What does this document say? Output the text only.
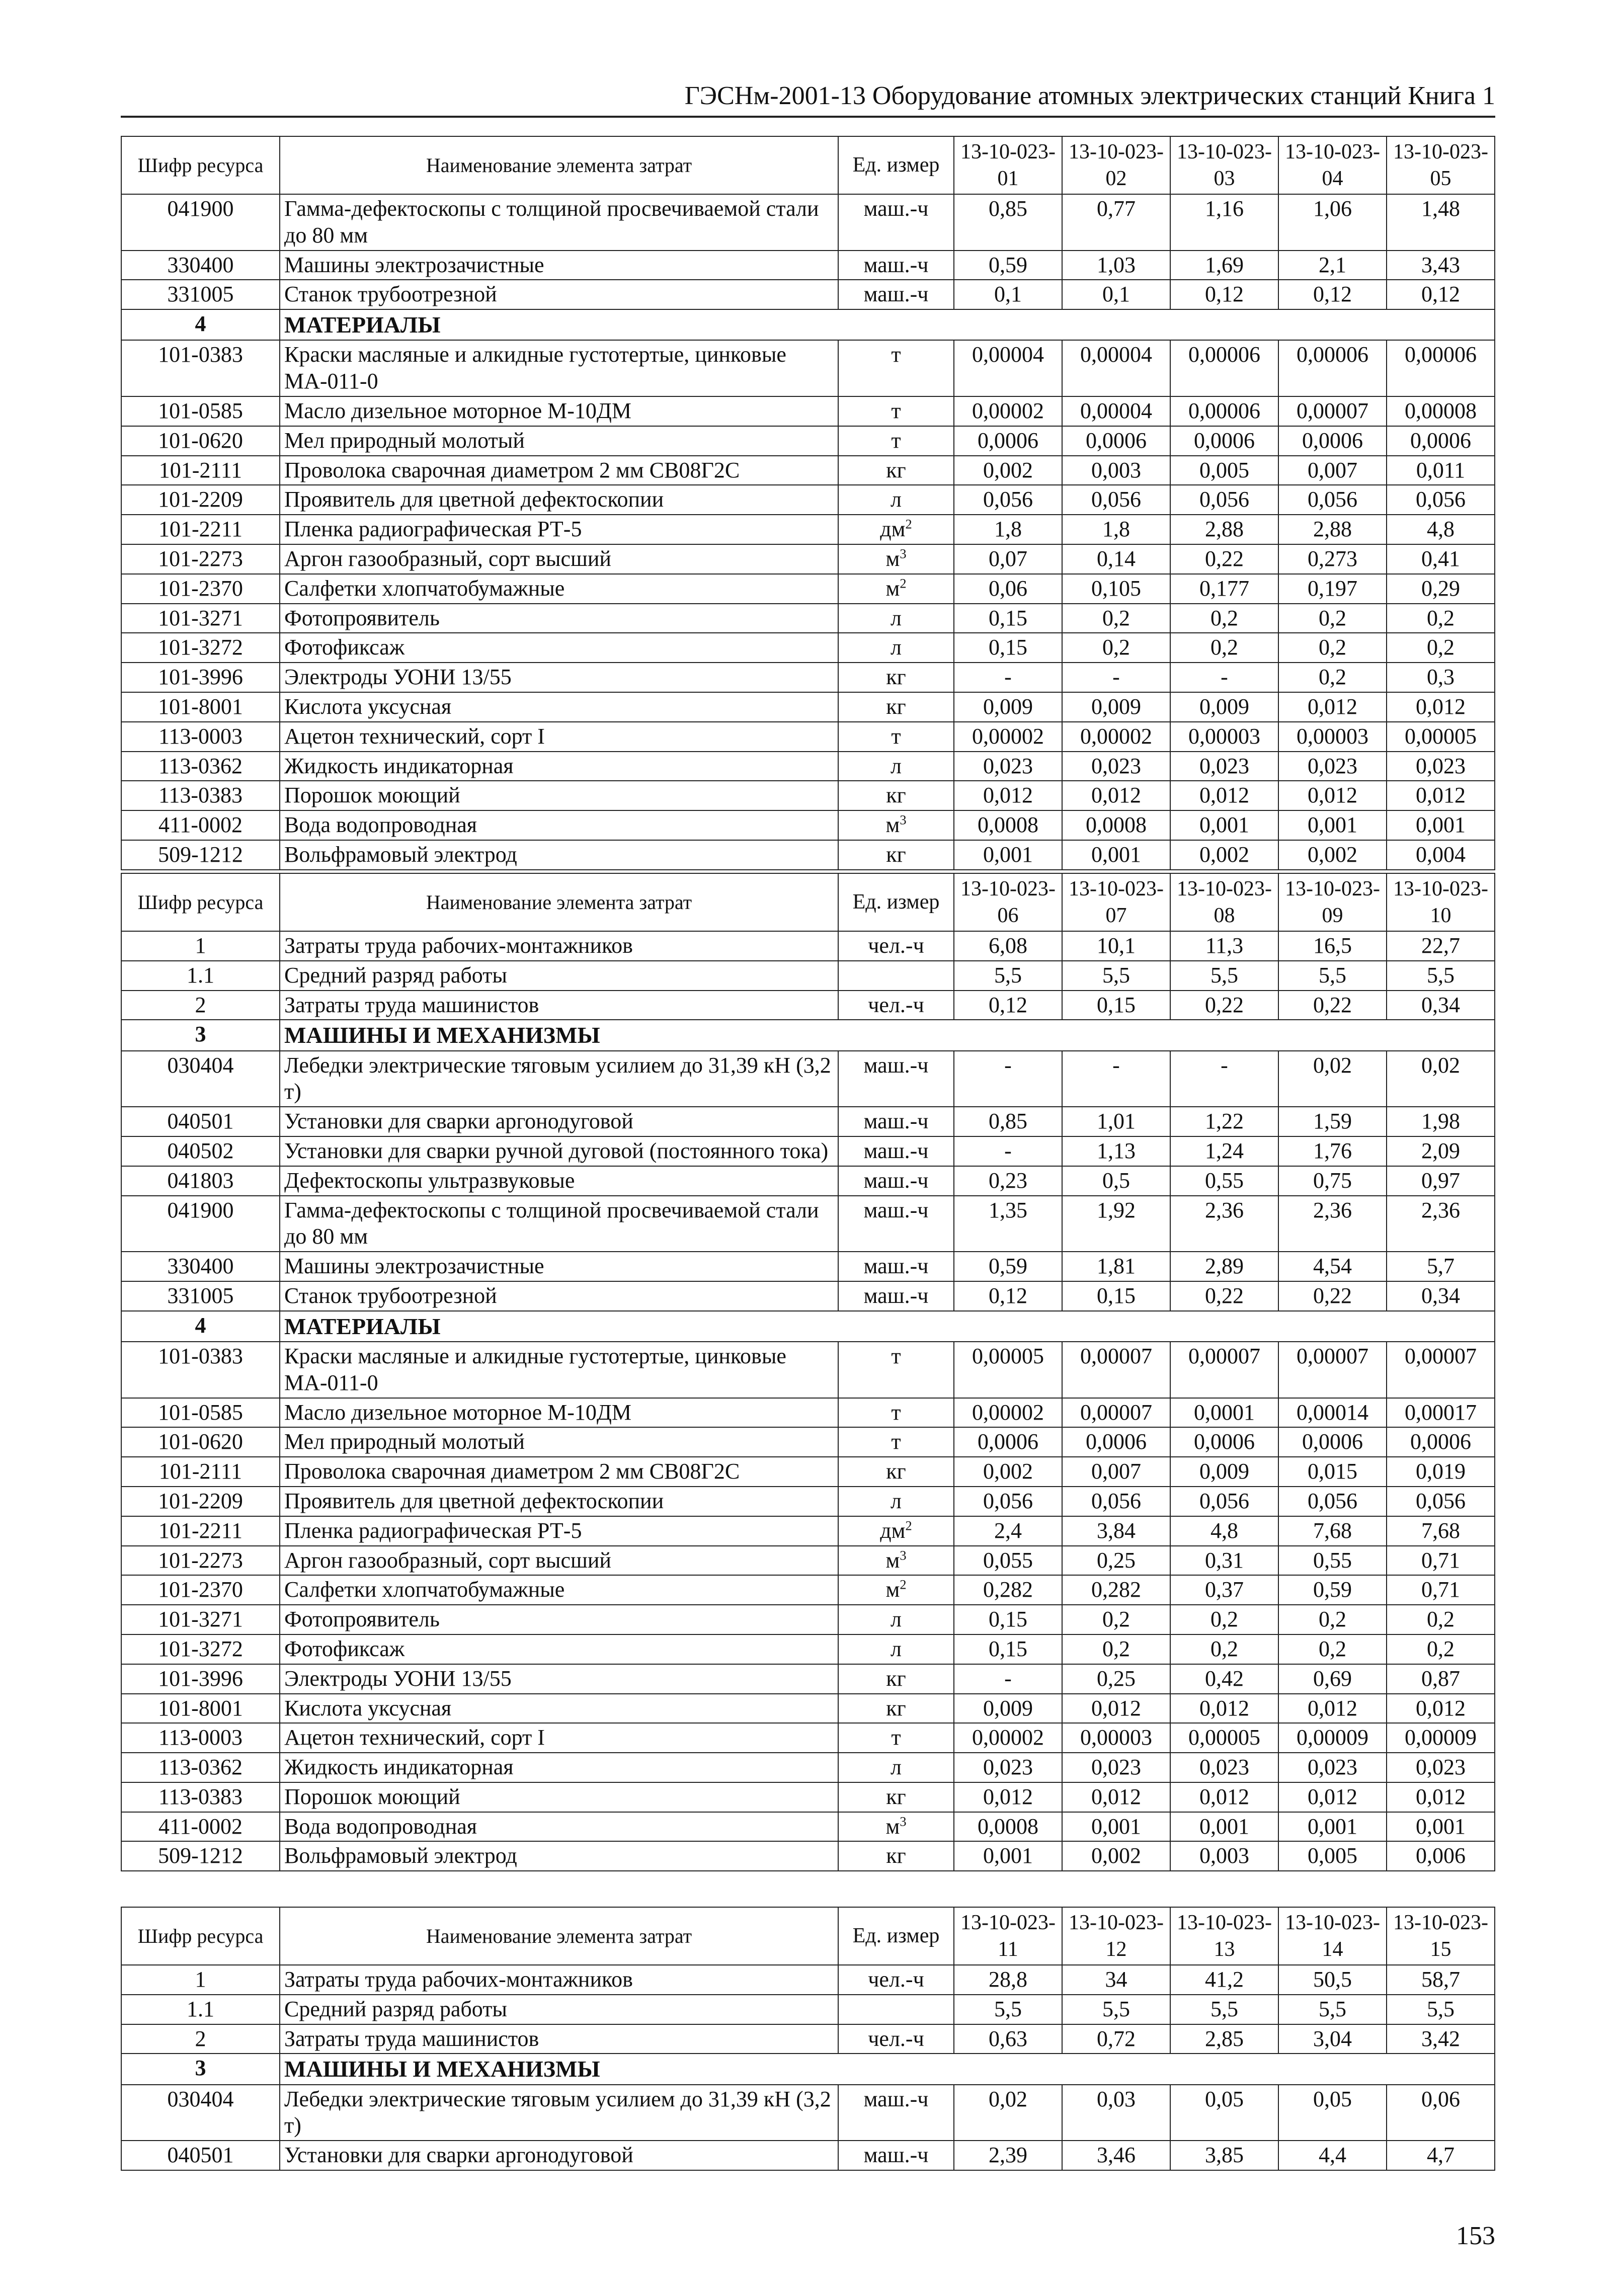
ГЭСНм-2001-13 Оборудование атомных электрических станций Книга 1
Шифр ресурса	Наименование элемента затрат	Ед. измер	13-10-023-01	13-10-023-02	13-10-023-03	13-10-023-04	13-10-023-05
041900	Гамма-дефектоскопы с толщиной просвечиваемой стали до 80 мм	маш.-ч	0,85	0,77	1,16	1,06	1,48
330400	Машины электрозачистные	маш.-ч	0,59	1,03	1,69	2,1	3,43
331005	Станок трубоотрезной	маш.-ч	0,1	0,1	0,12	0,12	0,12
4	МАТЕРИАЛЫ						
101-0383	Краски масляные и алкидные густотертые, цинковые МА-011-0	т	0,00004	0,00004	0,00006	0,00006	0,00006
101-0585	Масло дизельное моторное М-10ДМ	т	0,00002	0,00004	0,00006	0,00007	0,00008
101-0620	Мел природный молотый	т	0,0006	0,0006	0,0006	0,0006	0,0006
101-2111	Проволока сварочная диаметром 2 мм СВ08Г2С	кг	0,002	0,003	0,005	0,007	0,011
101-2209	Проявитель для цветной дефектоскопии	л	0,056	0,056	0,056	0,056	0,056
101-2211	Пленка радиографическая РТ-5	$дм^2$	1,8	1,8	2,88	2,88	4,8
101-2273	Аргон газообразный, сорт высший	$м^3$	0,07	0,14	0,22	0,273	0,41
101-2370	Салфетки хлопчатобумажные	$м^2$	0,06	0,105	0,177	0,197	0,29
101-3271	Фотопроявитель	л	0,15	0,2	0,2	0,2	0,2
101-3272	Фотофиксаж	л	0,15	0,2	0,2	0,2	0,2
101-3996	Электроды УОНИ 13/55	кг	-	-	-	0,2	0,3
101-8001	Кислота уксусная	кг	0,009	0,009	0,009	0,012	0,012
113-0003	Ацетон технический, сорт I	т	0,00002	0,00002	0,00003	0,00003	0,00005
113-0362	Жидкость индикаторная	л	0,023	0,023	0,023	0,023	0,023
113-0383	Порошок моющий	кг	0,012	0,012	0,012	0,012	0,012
411-0002	Вода водопроводная	$м^3$	0,0008	0,0008	0,001	0,001	0,001
509-1212	Вольфрамовый электрод	кг	0,001	0,001	0,002	0,002	0,004
Шифр ресурса	Наименование элемента затрат	Ед. измер	13-10-023-06	13-10-023-07	13-10-023-08	13-10-023-09	13-10-023-10
1	Затраты труда рабочих-монтажников	чел.-ч	6,08	10,1	11,3	16,5	22,7
1.1	Средний разряд работы		5,5	5,5	5,5	5,5	5,5
2	Затраты труда машинистов	чел.-ч	0,12	0,15	0,22	0,22	0,34
3	МАШИНЫ И МЕХАНИЗМЫ						
030404	Лебедки электрические тяговым усилием до 31,39 кН (3,2 т)	маш.-ч	-	-	-	0,02	0,02
040501	Установки для сварки аргонодуговой	маш.-ч	0,85	1,01	1,22	1,59	1,98
040502	Установки для сварки ручной дуговой (постоянного тока)	маш.-ч	-	1,13	1,24	1,76	2,09
041803	Дефектоскопы ультразвуковые	маш.-ч	0,23	0,5	0,55	0,75	0,97
041900	Гамма-дефектоскопы с толщиной просвечиваемой стали до 80 мм	маш.-ч	1,35	1,92	2,36	2,36	2,36
330400	Машины электрозачистные	маш.-ч	0,59	1,81	2,89	4,54	5,7
331005	Станок трубоотрезной	маш.-ч	0,12	0,15	0,22	0,22	0,34
4	МАТЕРИАЛЫ						
101-0383	Краски масляные и алкидные густотертые, цинковые МА-011-0	т	0,00005	0,00007	0,00007	0,00007	0,00007
101-0585	Масло дизельное моторное М-10ДМ	т	0,00002	0,00007	0,0001	0,00014	0,00017
101-0620	Мел природный молотый	т	0,0006	0,0006	0,0006	0,0006	0,0006
101-2111	Проволока сварочная диаметром 2 мм СВ08Г2С	кг	0,002	0,007	0,009	0,015	0,019
101-2209	Проявитель для цветной дефектоскопии	л	0,056	0,056	0,056	0,056	0,056
101-2211	Пленка радиографическая РТ-5	$дм^2$	2,4	3,84	4,8	7,68	7,68
101-2273	Аргон газообразный, сорт высший	$м^3$	0,055	0,25	0,31	0,55	0,71
101-2370	Салфетки хлопчатобумажные	$м^2$	0,282	0,282	0,37	0,59	0,71
101-3271	Фотопроявитель	л	0,15	0,2	0,2	0,2	0,2
101-3272	Фотофиксаж	л	0,15	0,2	0,2	0,2	0,2
101-3996	Электроды УОНИ 13/55	кг	-	0,25	0,42	0,69	0,87
101-8001	Кислота уксусная	кг	0,009	0,012	0,012	0,012	0,012
113-0003	Ацетон технический, сорт I	т	0,00002	0,00003	0,00005	0,00009	0,00009
113-0362	Жидкость индикаторная	л	0,023	0,023	0,023	0,023	0,023
113-0383	Порошок моющий	кг	0,012	0,012	0,012	0,012	0,012
411-0002	Вода водопроводная	$м^3$	0,0008	0,001	0,001	0,001	0,001
509-1212	Вольфрамовый электрод	кг	0,001	0,002	0,003	0,005	0,006
Шифр ресурса	Наименование элемента затрат	Ед. измер	13-10-023-11	13-10-023-12	13-10-023-13	13-10-023-14	13-10-023-15
1	Затраты труда рабочих-монтажников	чел.-ч	28,8	34	41,2	50,5	58,7
1.1	Средний разряд работы		5,5	5,5	5,5	5,5	5,5
2	Затраты труда машинистов	чел.-ч	0,63	0,72	2,85	3,04	3,42
3	МАШИНЫ И МЕХАНИЗМЫ						
030404	Лебедки электрические тяговым усилием до 31,39 кН (3,2 т)	маш.-ч	0,02	0,03	0,05	0,05	0,06
040501	Установки для сварки аргонодуговой	маш.-ч	2,39	3,46	3,85	4,4	4,7
153
